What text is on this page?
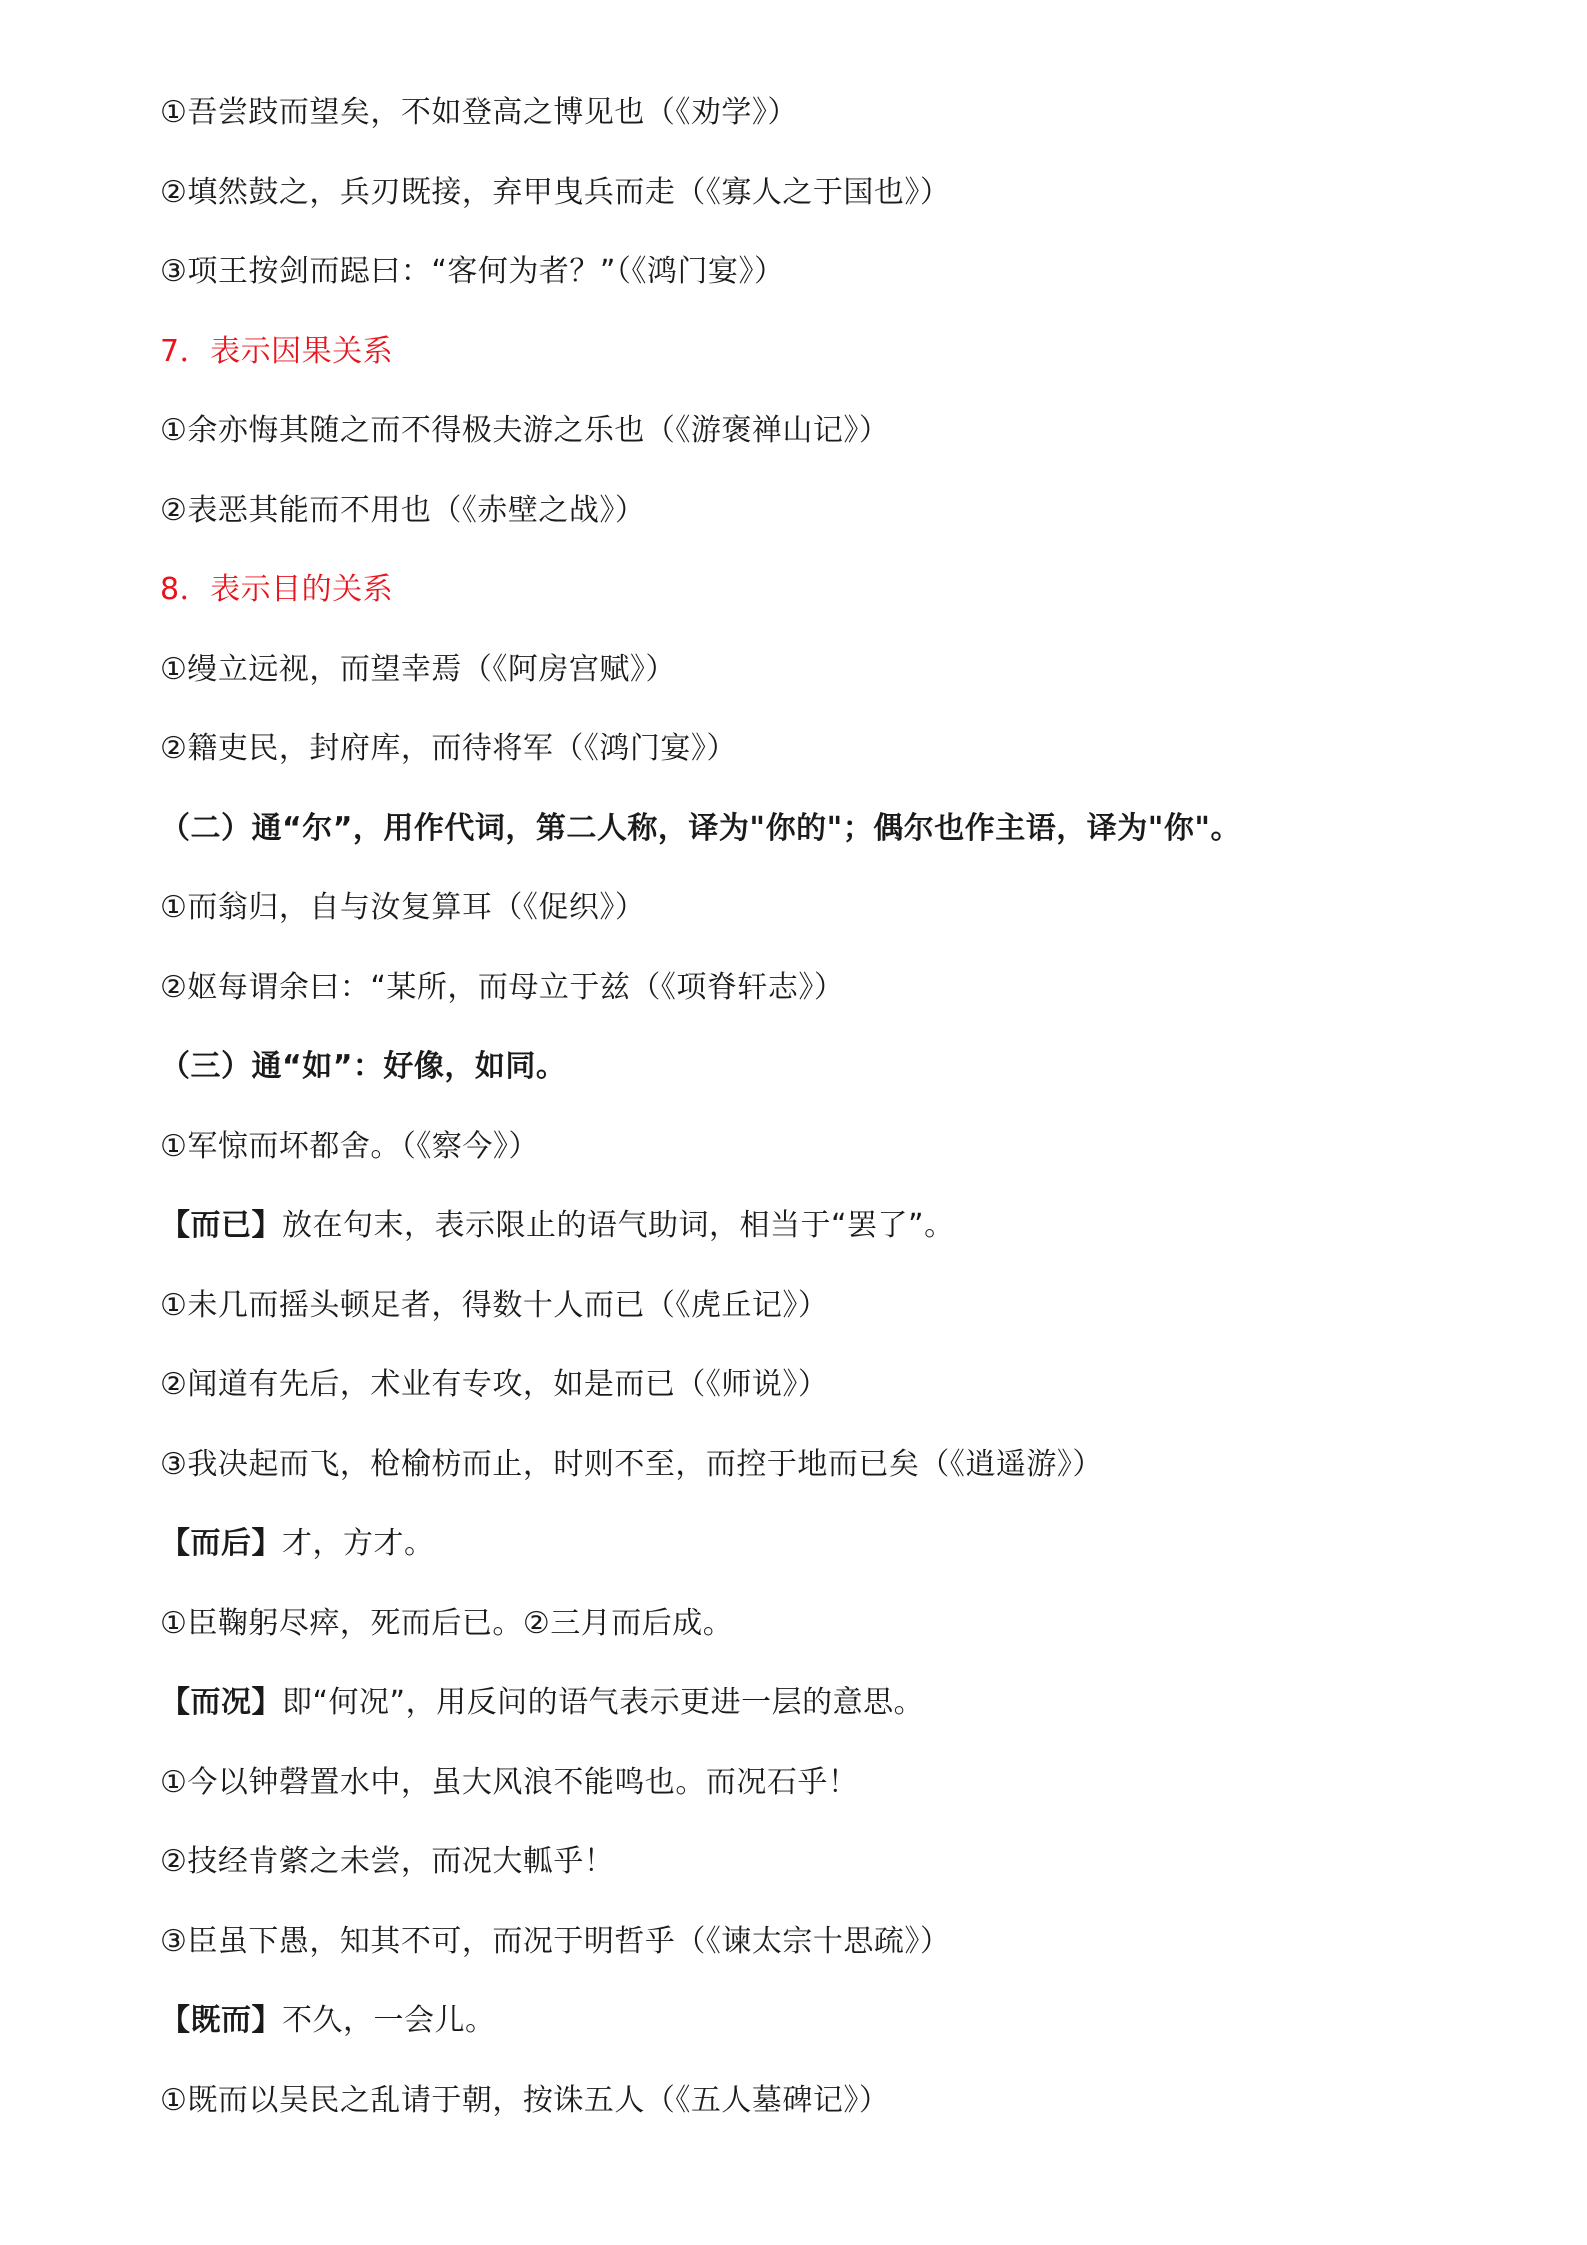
①吾尝跂而望矣，不如登高之博见也（《劝学》）
②填然鼓之，兵刃既接，弃甲曳兵而走（《寡人之于国也》）
③项王按剑而跽曰：“客何为者？”（《鸿门宴》）
7．表示因果关系
①余亦悔其随之而不得极夫游之乐也（《游褒禅山记》）
②表恶其能而不用也（《赤壁之战》）
8．表示目的关系
①缦立远视，而望幸焉（《阿房宫赋》）
②籍吏民，封府库，而待将军（《鸿门宴》）
（二）通“尔”，用作代词，第二人称，译为"你的"；偶尔也作主语，译为"你"。
①而翁归，自与汝复算耳（《促织》）
②妪每谓余曰：“某所，而母立于兹（《项脊轩志》）
（三）通“如”：好像，如同。
①军惊而坏都舍。（《察今》）
【而已】放在句末，表示限止的语气助词，相当于“罢了”。
①未几而摇头顿足者，得数十人而已（《虎丘记》）
②闻道有先后，术业有专攻，如是而已（《师说》）
③我决起而飞，枪榆枋而止，时则不至，而控于地而已矣（《逍遥游》）
【而后】才，方才。
①臣鞠躬尽瘁，死而后已。②三月而后成。
【而况】即“何况”，用反问的语气表示更进一层的意思。
①今以钟磬置水中，虽大风浪不能鸣也。而况石乎！
②技经肯綮之未尝，而况大軱乎！
③臣虽下愚，知其不可，而况于明哲乎（《谏太宗十思疏》）
【既而】不久，一会儿。
①既而以吴民之乱请于朝，按诛五人（《五人墓碑记》）
